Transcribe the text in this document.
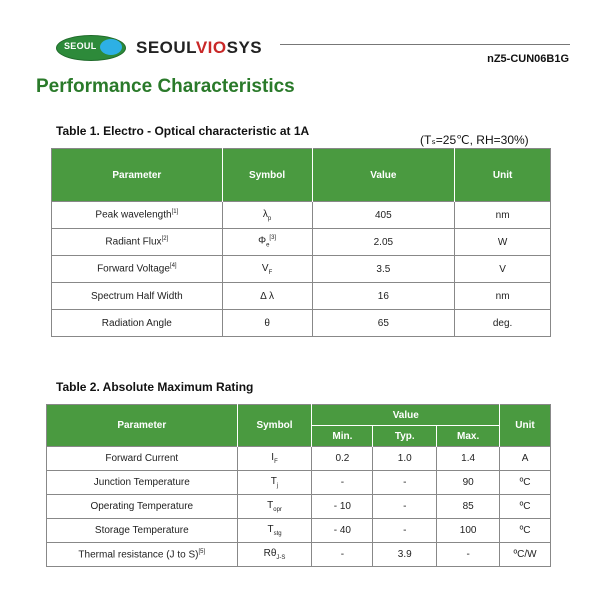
SEOUL SEOULVIOSYS
nZ5-CUN06B1G
Performance Characteristics
Table 1. Electro - Optical characteristic at 1A
(Tₛ=25℃, RH=30%)
Parameter	Symbol	Value	Unit
Peak wavelength[1]	$\lambda_p$	405	nm
Radiant Flux[2]	$\Phi_e[3]$	2.05	W
Forward Voltage[4]	$V_F$	3.5	V
Spectrum Half Width	Δ λ	16	nm
Radiation Angle	θ	65	deg.
Table 2. Absolute Maximum Rating
Parameter	Symbol	Value			Unit
		Min.	Typ.	Max.	
Forward Current	$I_F$	0.2	1.0	1.4	A
Junction Temperature	$T_j$	-	-	90	ºC
Operating Temperature	$T_{opr}$	- 10	-	85	ºC
Storage Temperature	$T_{stg}$	- 40	-	100	ºC
Thermal resistance (J to S)[5]	$R\theta_{J-S}$	-	3.9	-	ºC/W
